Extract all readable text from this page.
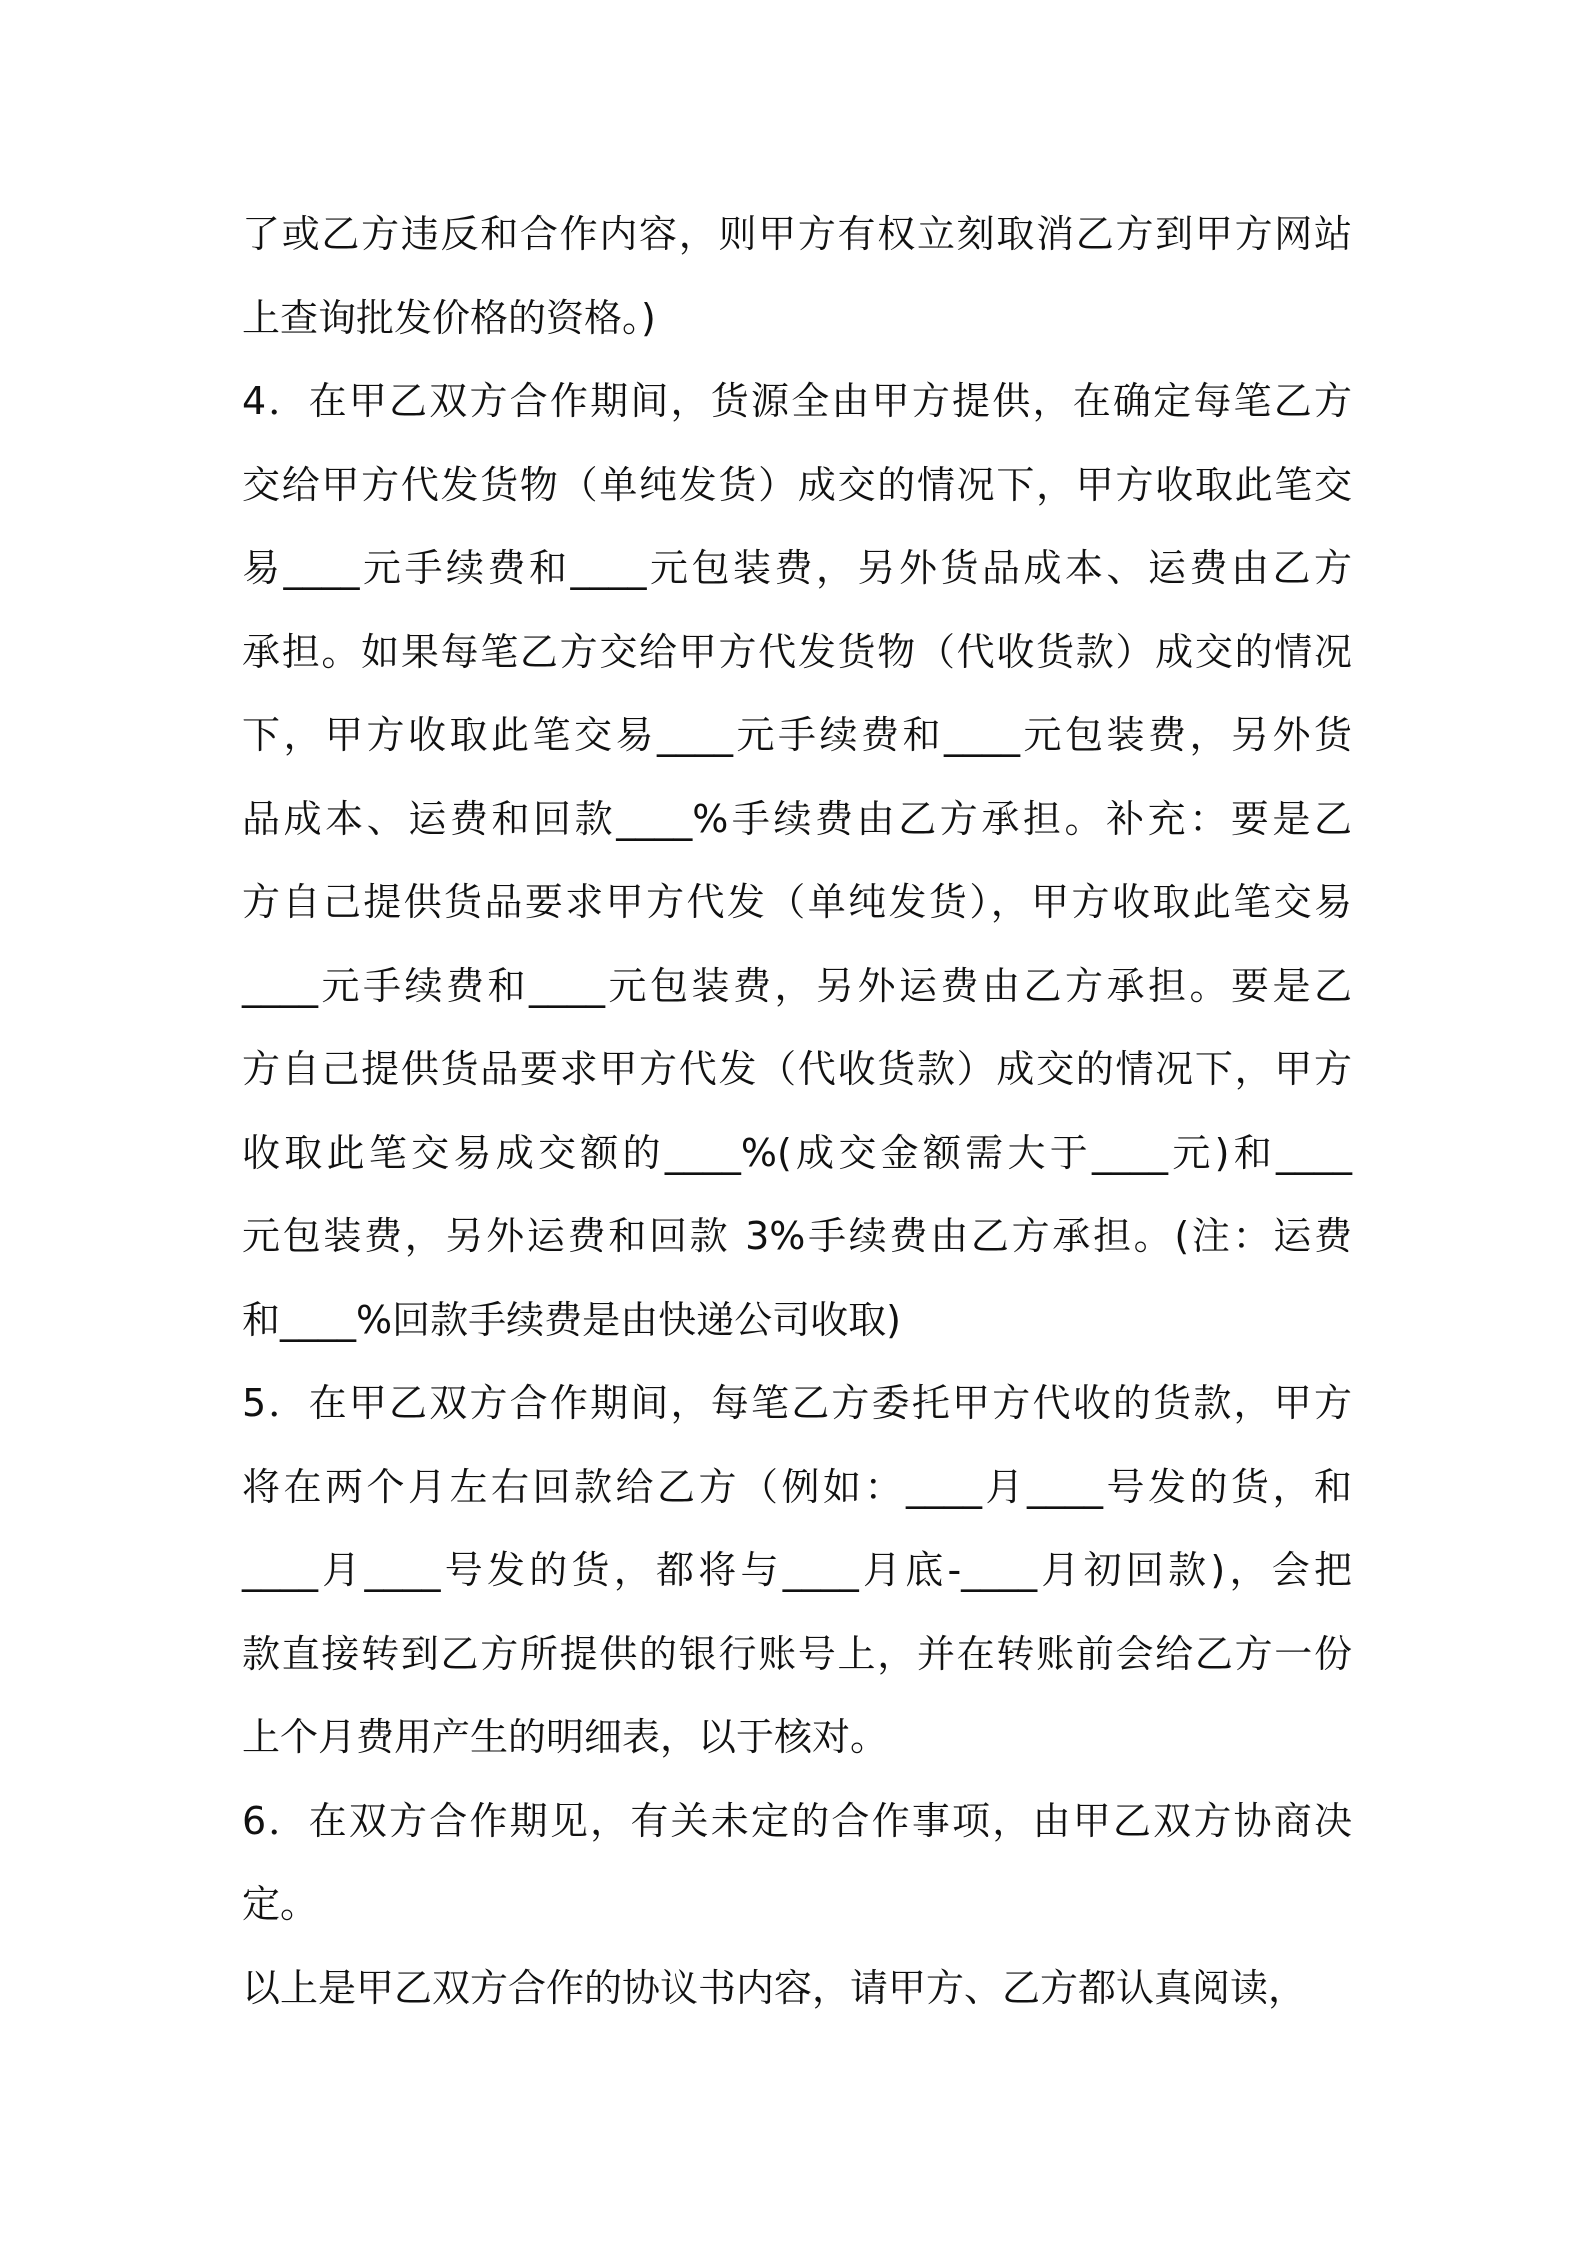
了或乙方违反和合作内容，则甲方有权立刻取消乙方到甲方网站
上查询批发价格的资格。)
4．在甲乙双方合作期间，货源全由甲方提供，在确定每笔乙方
交给甲方代发货物（单纯发货）成交的情况下，甲方收取此笔交
易____元手续费和____元包装费，另外货品成本、运费由乙方
承担。如果每笔乙方交给甲方代发货物（代收货款）成交的情况
下，甲方收取此笔交易____元手续费和____元包装费，另外货
品成本、运费和回款____%手续费由乙方承担。补充：要是乙
方自己提供货品要求甲方代发（单纯发货），甲方收取此笔交易
____元手续费和____元包装费，另外运费由乙方承担。要是乙
方自己提供货品要求甲方代发（代收货款）成交的情况下，甲方
收取此笔交易成交额的____%(成交金额需大于____元)和____
元包装费，另外运费和回款 3%手续费由乙方承担。(注：运费
和____%回款手续费是由快递公司收取)
5．在甲乙双方合作期间，每笔乙方委托甲方代收的货款，甲方
将在两个月左右回款给乙方（例如：____月____号发的货，和
____月____号发的货，都将与____月底-____月初回款)，会把
款直接转到乙方所提供的银行账号上，并在转账前会给乙方一份
上个月费用产生的明细表，以于核对。
6．在双方合作期见，有关未定的合作事项，由甲乙双方协商决
定。
以上是甲乙双方合作的协议书内容，请甲方、乙方都认真阅读，
